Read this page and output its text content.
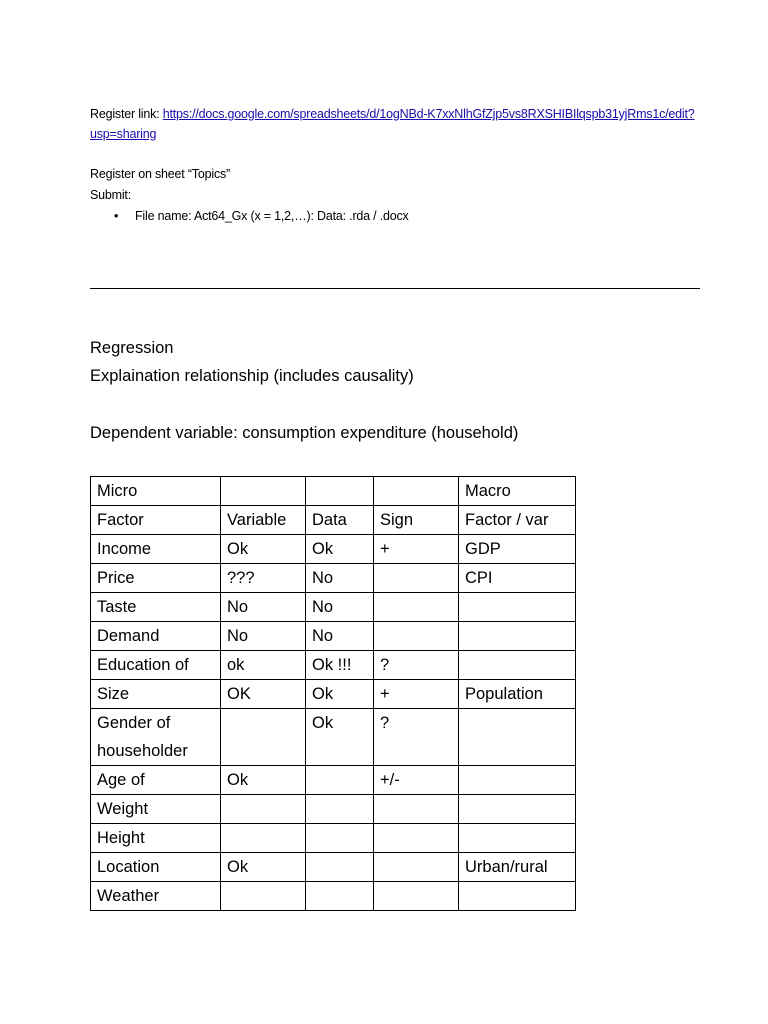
Register link: https://docs.google.com/spreadsheets/d/1ogNBd-K7xxNlhGfZjp5vs8RXSHIBIlqspb31yjRms1c/edit?usp=sharing
Register on sheet “Topics”
Submit:
• File name: Act64_Gx (x = 1,2,…): Data: .rda / .docx
Regression
Explaination relationship (includes causality)
Dependent variable: consumption expenditure (household)
Micro				Macro
Factor	Variable	Data	Sign	Factor / var
Income	Ok	Ok	+	GDP
Price	???	No		CPI
Taste	No	No		
Demand	No	No		
Education of	ok	Ok !!!	?	
Size	OK	Ok	+	Population
Gender of householder		Ok	?	
Age of	Ok		+/-	
Weight				
Height				
Location	Ok			Urban/rural
Weather				
